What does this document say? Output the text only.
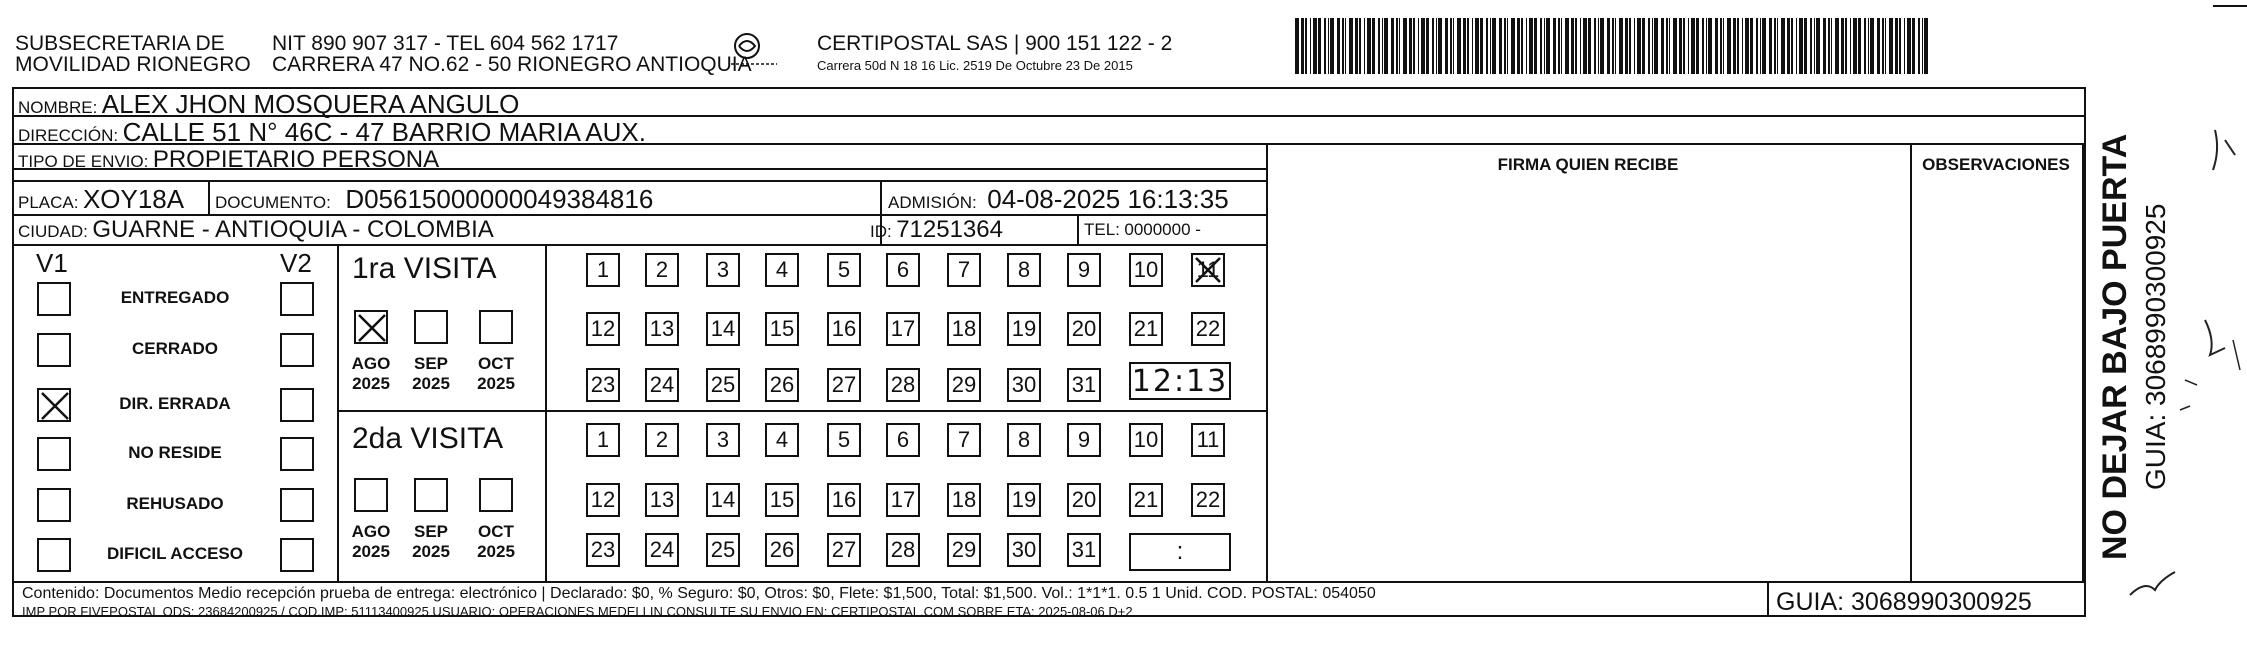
SUBSECRETARIA DE
MOVILIDAD RIONEGRO
NIT 890 907 317 - TEL 604 562 1717
CARRERA 47 NO.62 - 50 RIONEGRO ANTIOQUIA
CERTIPOSTAL SAS | 900 151 122 - 2
Carrera 50d N 18 16 Lic. 2519 De Octubre 23 De 2015
NOMBRE: ALEX JHON MOSQUERA ANGULO
DIRECCIÓN: CALLE 51 N° 46C - 47 BARRIO MARIA AUX.
TIPO DE ENVIO: PROPIETARIO PERSONA
PLACA: XOY18A DOCUMENTO: D05615000000049384816	ADMISIÓN: 04-08-2025 16:13:35
CIUDAD: GUARNE - ANTIOQUIA - COLOMBIA	ID: 71251364	TEL: 0000000 -
FIRMA QUIEN RECIBE	OBSERVACIONES
V1	V2
ENTREGADO
CERRADO
DIR. ERRADA
NO RESIDE
REHUSADO
DIFICIL ACCESO
1ra VISITA
2da VISITA
AGO
2025
SEP
2025
OCT
2025
AGO
2025
SEP
2025
OCT
2025
1	2	3	4	5	6	7	8	9	10 11
12 13 14 15 16 17 18 19 20 21 22
23 24 25 26 27 28 29 30 31
1	2	3	4	5	6	7	8	9	10 11
12 13 14 15 16 17 18 19 20 21 22
23 24 25 26 27 28 29 30 31
12:13
:
Contenido: Documentos Medio recepción prueba de entrega: electrónico | Declarado: $0, % Seguro: $0, Otros: $0, Flete: $1,500, Total: $1,500. Vol.: 1*1*1. 0.5 1 Unid. COD. POSTAL: 054050
IMP POR FIVEPOSTAL ODS: 23684200925 / COD.IMP: 51113400925 USUARIO: OPERACIONES MEDELLIN CONSULTE SU ENVIO EN: CERTIPOSTAL.COM SOBRE ETA: 2025-08-06 D+2	GUIA: 3068990300925
NO DEJAR BAJO PUERTA GUIA: 3068990300925
